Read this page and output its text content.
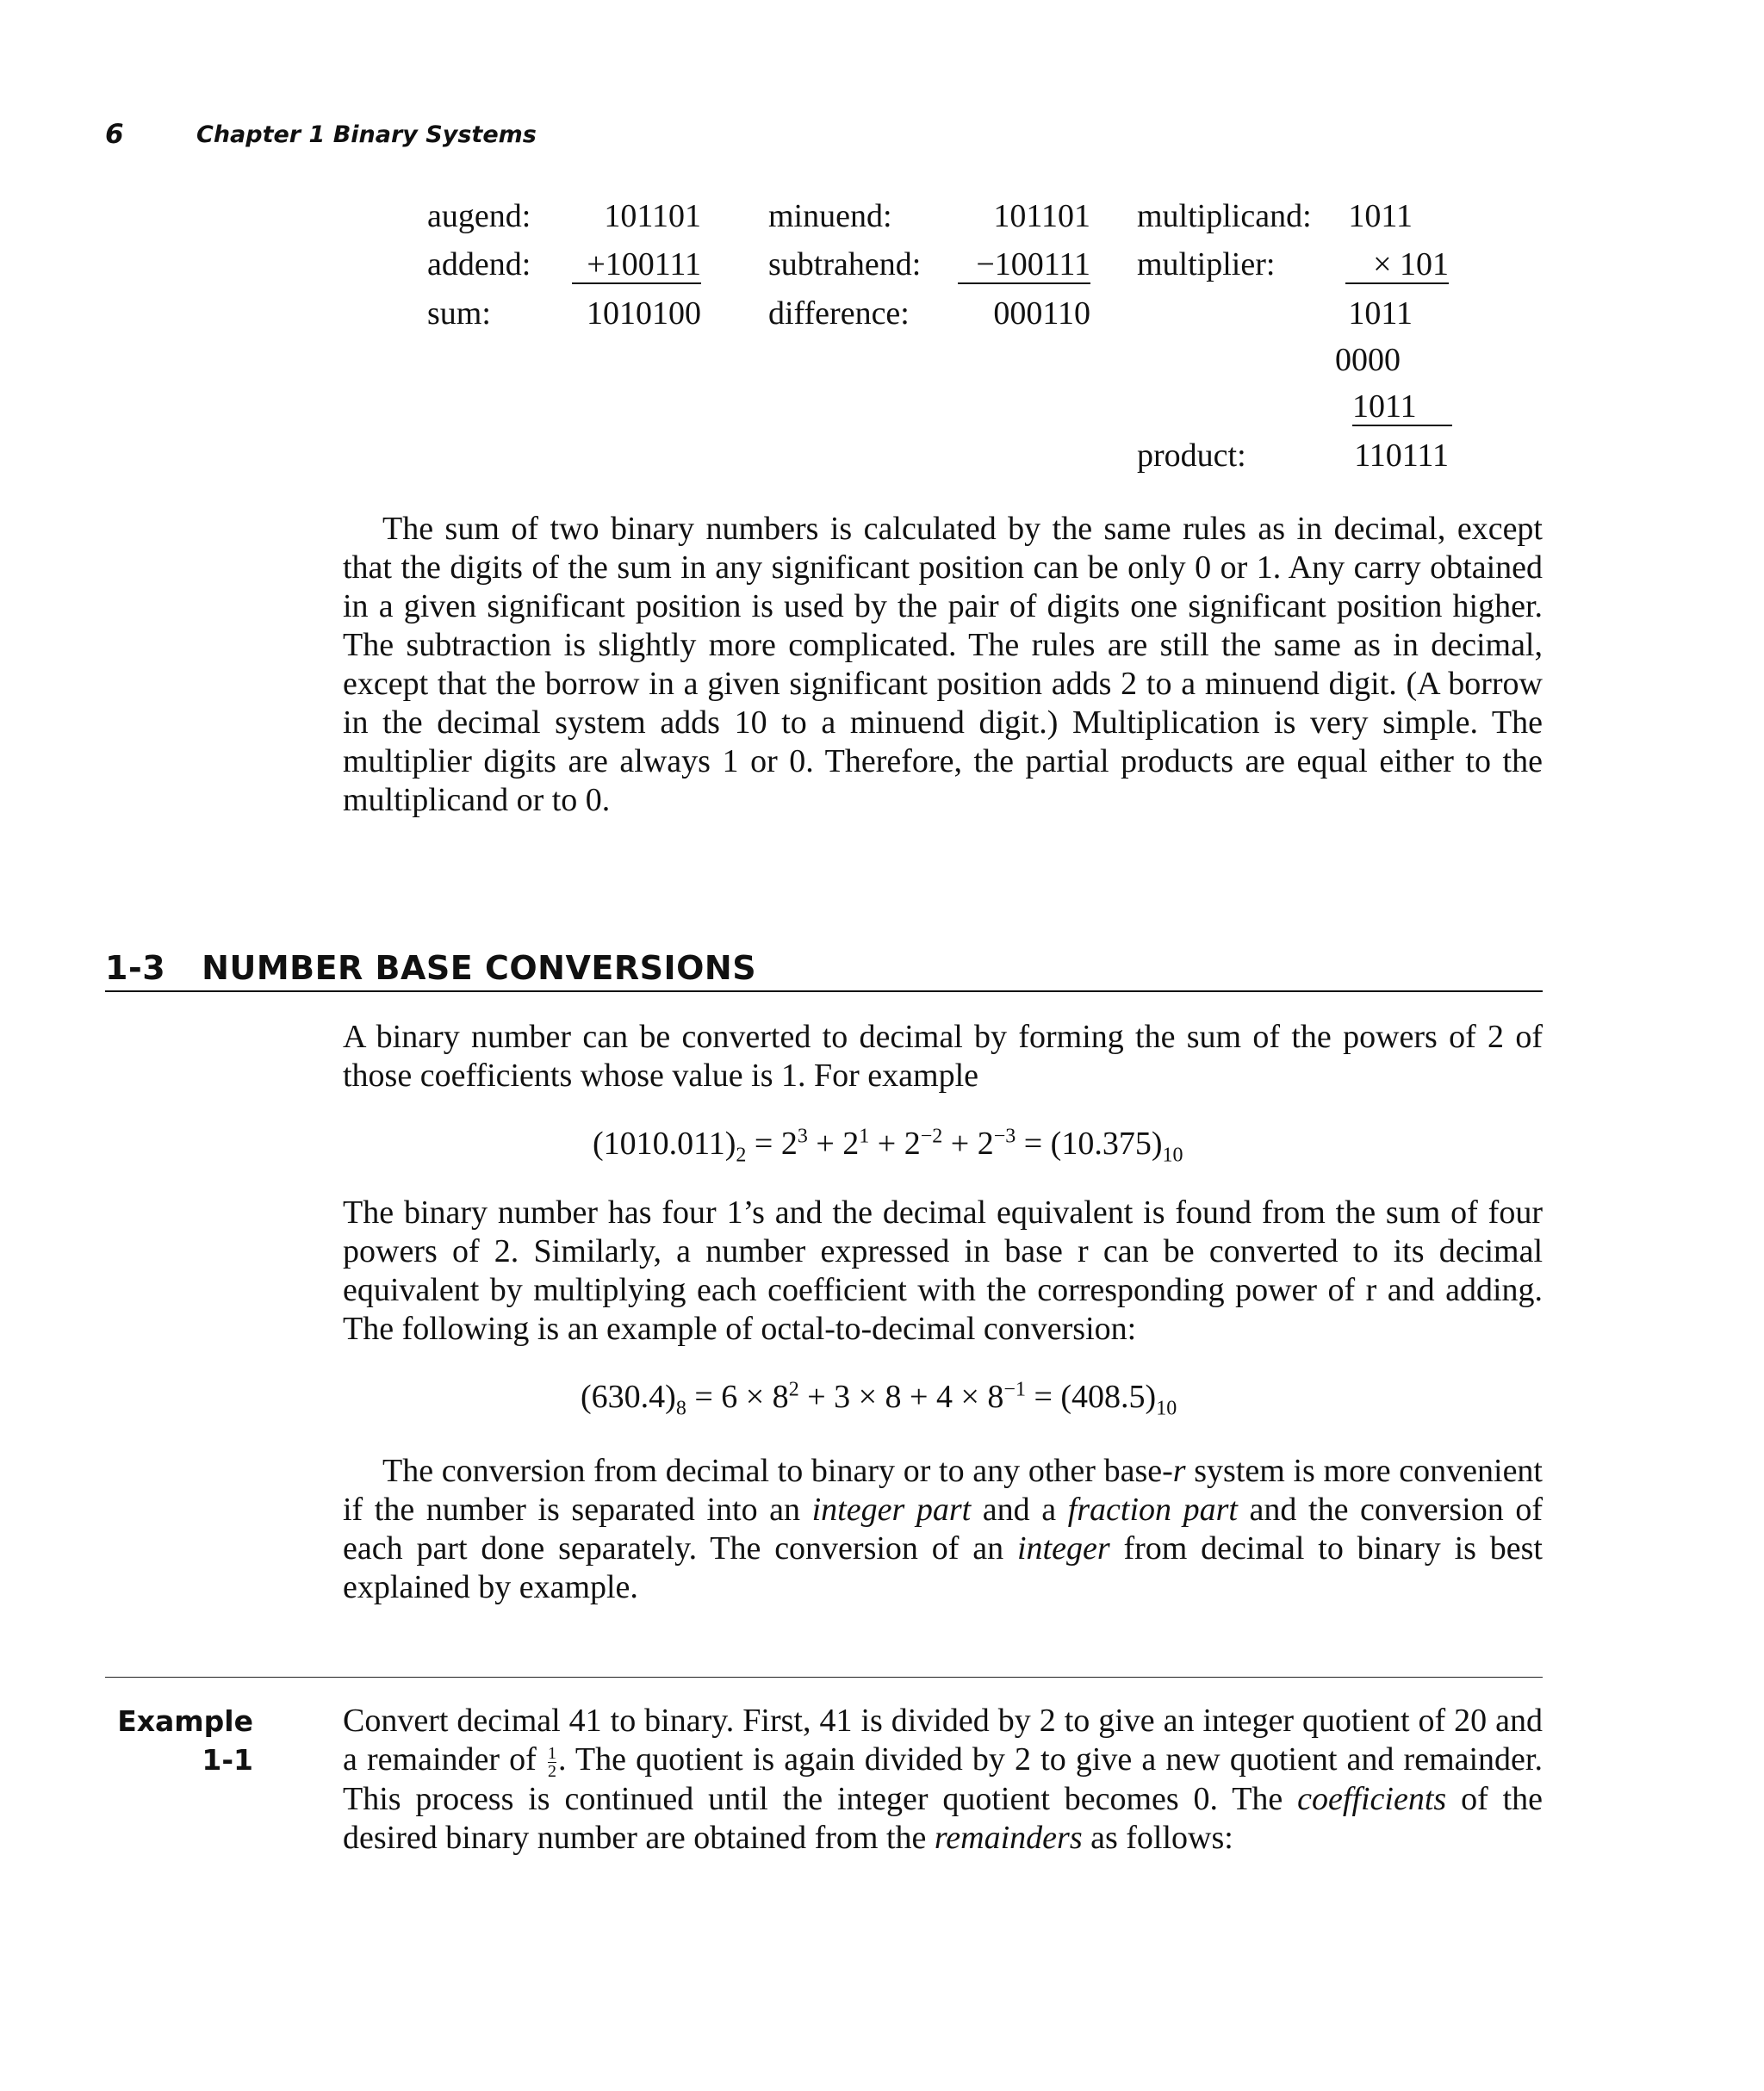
6	Chapter 1 Binary Systems
augend:	101101
addend:	+100111
sum:	1010100
minuend:	101101
subtrahend:	−100111
difference:	000110
multiplicand:	1011
multiplier:	× 101
1011
0000
1011
product:	110111

The sum of two binary numbers is calculated by the same rules as in decimal, except that the digits of the sum in any significant position can be only 0 or 1. Any carry obtained in a given significant position is used by the pair of digits one significant position higher. The subtraction is slightly more complicated. The rules are still the same as in decimal, except that the borrow in a given significant position adds 2 to a minuend digit. (A borrow in the decimal system adds 10 to a minuend digit.) Multiplication is very simple. The multiplier digits are always 1 or 0. Therefore, the partial products are equal either to the multiplicand or to 0.

1-3 NUMBER BASE CONVERSIONS

A binary number can be converted to decimal by forming the sum of the powers of 2 of those coefficients whose value is 1. For example

$(1010.011)_2 = 2^3 + 2^1 + 2^{-2} + 2^{-3} = (10.375)_{10}$

The binary number has four 1’s and the decimal equivalent is found from the sum of four powers of 2. Similarly, a number expressed in base r can be converted to its decimal equivalent by multiplying each coefficient with the corresponding power of r and adding. The following is an example of octal-to-decimal conversion:

$(630.4)_8 = 6 \times 8^2 + 3 \times 8 + 4 \times 8^{-1} = (408.5)_{10}$

The conversion from decimal to binary or to any other base-r system is more convenient if the number is separated into an integer part and a fraction part and the conversion of each part done separately. The conversion of an integer from decimal to binary is best explained by example.

Example
1-1

Convert decimal 41 to binary. First, 41 is divided by 2 to give an integer quotient of 20 and a remainder of $\frac{1}{2}$ . The quotient is again divided by 2 to give a new quotient and remainder. This process is continued until the integer quotient becomes 0. The coefficients of the desired binary number are obtained from the remainders as follows:
